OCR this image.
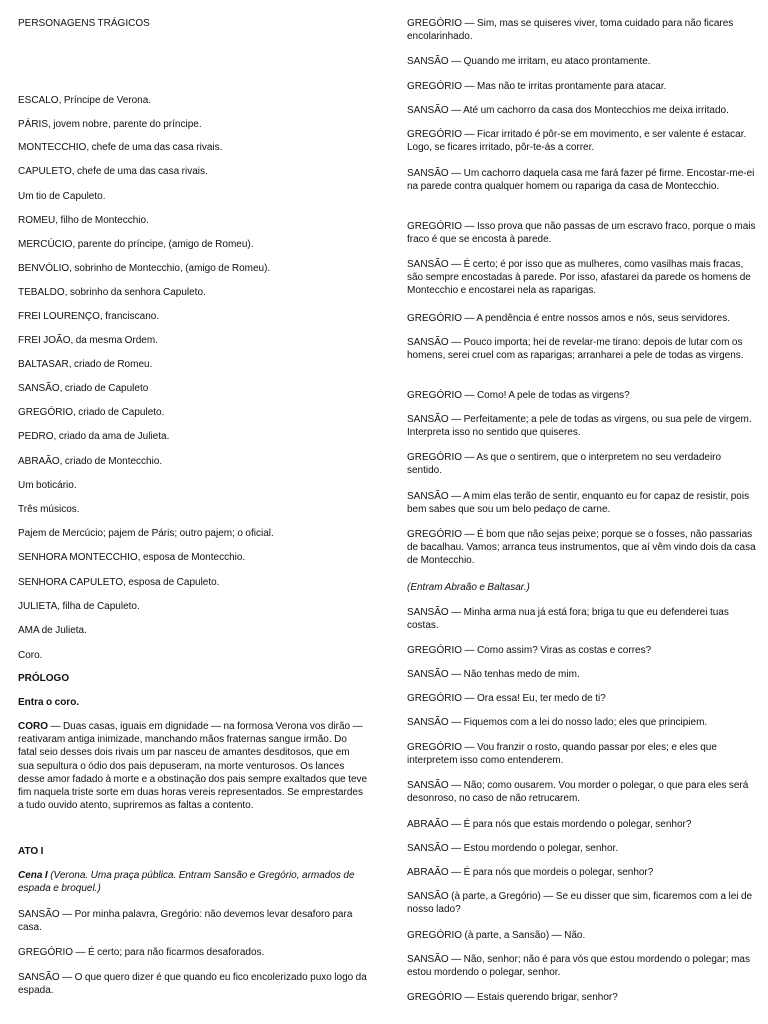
PERSONAGENS TRÁGICOS
ESCALO, Príncipe de Verona.
PÁRIS, jovem nobre, parente do príncipe.
MONTECCHIO, chefe de uma das casa rivais.
CAPULETO, chefe de uma das casa rivais.
Um tio de Capuleto.
ROMEU, filho de Montecchio.
MERCÚCIO, parente do príncipe, (amigo de Romeu).
BENVÓLIO, sobrinho de Montecchio, (amigo de Romeu).
TEBALDO, sobrinho da senhora Capuleto.
FREI LOURENÇO, franciscano.
FREI JOÃO, da mesma Ordem.
BALTASAR, criado de Romeu.
SANSÃO, criado de Capuleto
GREGÓRIO, criado de Capuleto.
PEDRO, criado da ama de Julieta.
ABRAÃO, criado de Montecchio.
Um boticário.
Três músicos.
Pajem de Mercúcio; pajem de Páris; outro pajem; o oficial.
SENHORA MONTECCHIO, esposa de Montecchio.
SENHORA CAPULETO, esposa de Capuleto.
JULIETA, filha de Capuleto.
AMA de Julieta.
Coro.
PRÓLOGO
Entra o coro.
CORO — Duas casas, iguais em dignidade — na formosa Verona vos dirão — reativaram antiga inimizade, manchando mãos fraternas sangue irmão. Do fatal seio desses dois rivais um par nasceu de amantes desditosos, que em sua sepultura o ódio dos pais depuseram, na morte venturosos. Os lances desse amor fadado à morte e a obstinação dos pais sempre exaltados que teve fim naquela triste sorte em duas horas vereis representados. Se emprestardes a tudo ouvido atento, supriremos as faltas a contento.
ATO I
Cena I (Verona. Uma praça pública. Entram Sansão e Gregório, armados de espada e broquel.)
SANSÃO — Por minha palavra, Gregório: não devemos levar desaforo para casa.
GREGÓRIO — É certo; para não ficarmos desaforados.
SANSÃO — O que quero dizer é que quando eu fico encolerizado puxo logo da espada.
GREGÓRIO — Sim, mas se quiseres viver, toma cuidado para não ficares encolarinhado.
SANSÃO — Quando me irritam, eu ataco prontamente.
GREGÓRIO — Mas não te irritas prontamente para atacar.
SANSÃO — Até um cachorro da casa dos Montecchios me deixa irritado.
GREGÓRIO — Ficar irritado é pôr-se em movimento, e ser valente é estacar. Logo, se ficares irritado, pôr-te-ás a correr.
SANSÃO — Um cachorro daquela casa me fará fazer pé firme. Encostar-me-ei na parede contra qualquer homem ou rapariga da casa de Montecchio.
GREGÓRIO — Isso prova que não passas de um escravo fraco, porque o mais fraco é que se encosta à parede.
SANSÃO — É certo; é por isso que as mulheres, como vasilhas mais fracas, são sempre encostadas à parede. Por isso, afastarei da parede os homens de Montecchio e encostarei nela as raparigas.
GREGÓRIO — A pendência é entre nossos amos e nós, seus servidores.
SANSÃO — Pouco importa; hei de revelar-me tirano: depois de lutar com os homens, serei cruel com as raparigas; arranharei a pele de todas as virgens.
GREGÓRIO — Como! A pele de todas as virgens?
SANSÃO — Perfeitamente; a pele de todas as virgens, ou sua pele de virgem. Interpreta isso no sentido que quiseres.
GREGÓRIO — As que o sentirem, que o interpretem no seu verdadeiro sentido.
SANSÃO — A mim elas terão de sentir, enquanto eu for capaz de resistir, pois bem sabes que sou um belo pedaço de carne.
GREGÓRIO — É bom que não sejas peixe; porque se o fosses, não passarias de bacalhau. Vamos; arranca teus instrumentos, que aí vêm vindo dois da casa de Montecchio.
(Entram Abraão e Baltasar.)
SANSÃO — Minha arma nua já está fora; briga tu que eu defenderei tuas costas.
GREGÓRIO — Como assim? Viras as costas e corres?
SANSÃO — Não tenhas medo de mim.
GREGÓRIO — Ora essa! Eu, ter medo de ti?
SANSÃO — Fiquemos com a lei do nosso lado; eles que principiem.
GREGÓRIO — Vou franzir o rosto, quando passar por eles; e eles que interpretem isso como entenderem.
SANSÃO — Não; como ousarem. Vou morder o polegar, o que para eles será desonroso, no caso de não retrucarem.
ABRAÃO — É para nós que estais mordendo o polegar, senhor?
SANSÃO — Estou mordendo o polegar, senhor.
ABRAÃO — É para nós que mordeis o polegar, senhor?
SANSÃO (à parte, a Gregório) — Se eu disser que sim, ficaremos com a lei de nosso lado?
GREGÓRIO (à parte, a Sansão) — Não.
SANSÃO — Não, senhor; não é para vós que estou mordendo o polegar; mas estou mordendo o polegar, senhor.
GREGÓRIO — Estais querendo brigar, senhor?
